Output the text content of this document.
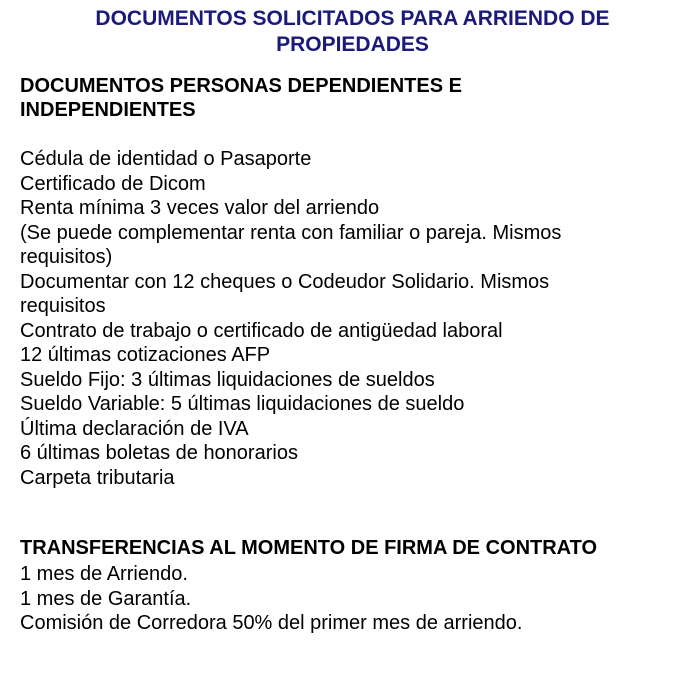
DOCUMENTOS SOLICITADOS PARA ARRIENDO DE PROPIEDADES
DOCUMENTOS PERSONAS DEPENDIENTES E INDEPENDIENTES
Cédula de identidad o Pasaporte
Certificado de Dicom
Renta mínima 3 veces valor del arriendo
(Se puede complementar renta con familiar o pareja. Mismos requisitos)
Documentar con 12 cheques o Codeudor Solidario. Mismos requisitos
Contrato de trabajo o certificado de antigüedad laboral
12 últimas cotizaciones AFP
Sueldo Fijo: 3 últimas liquidaciones de sueldos
Sueldo Variable: 5 últimas liquidaciones de sueldo
Última declaración de IVA
6 últimas boletas de honorarios
Carpeta tributaria
TRANSFERENCIAS AL MOMENTO DE FIRMA DE CONTRATO
1 mes de Arriendo.
1 mes de Garantía.
Comisión de Corredora 50% del primer mes de arriendo.
